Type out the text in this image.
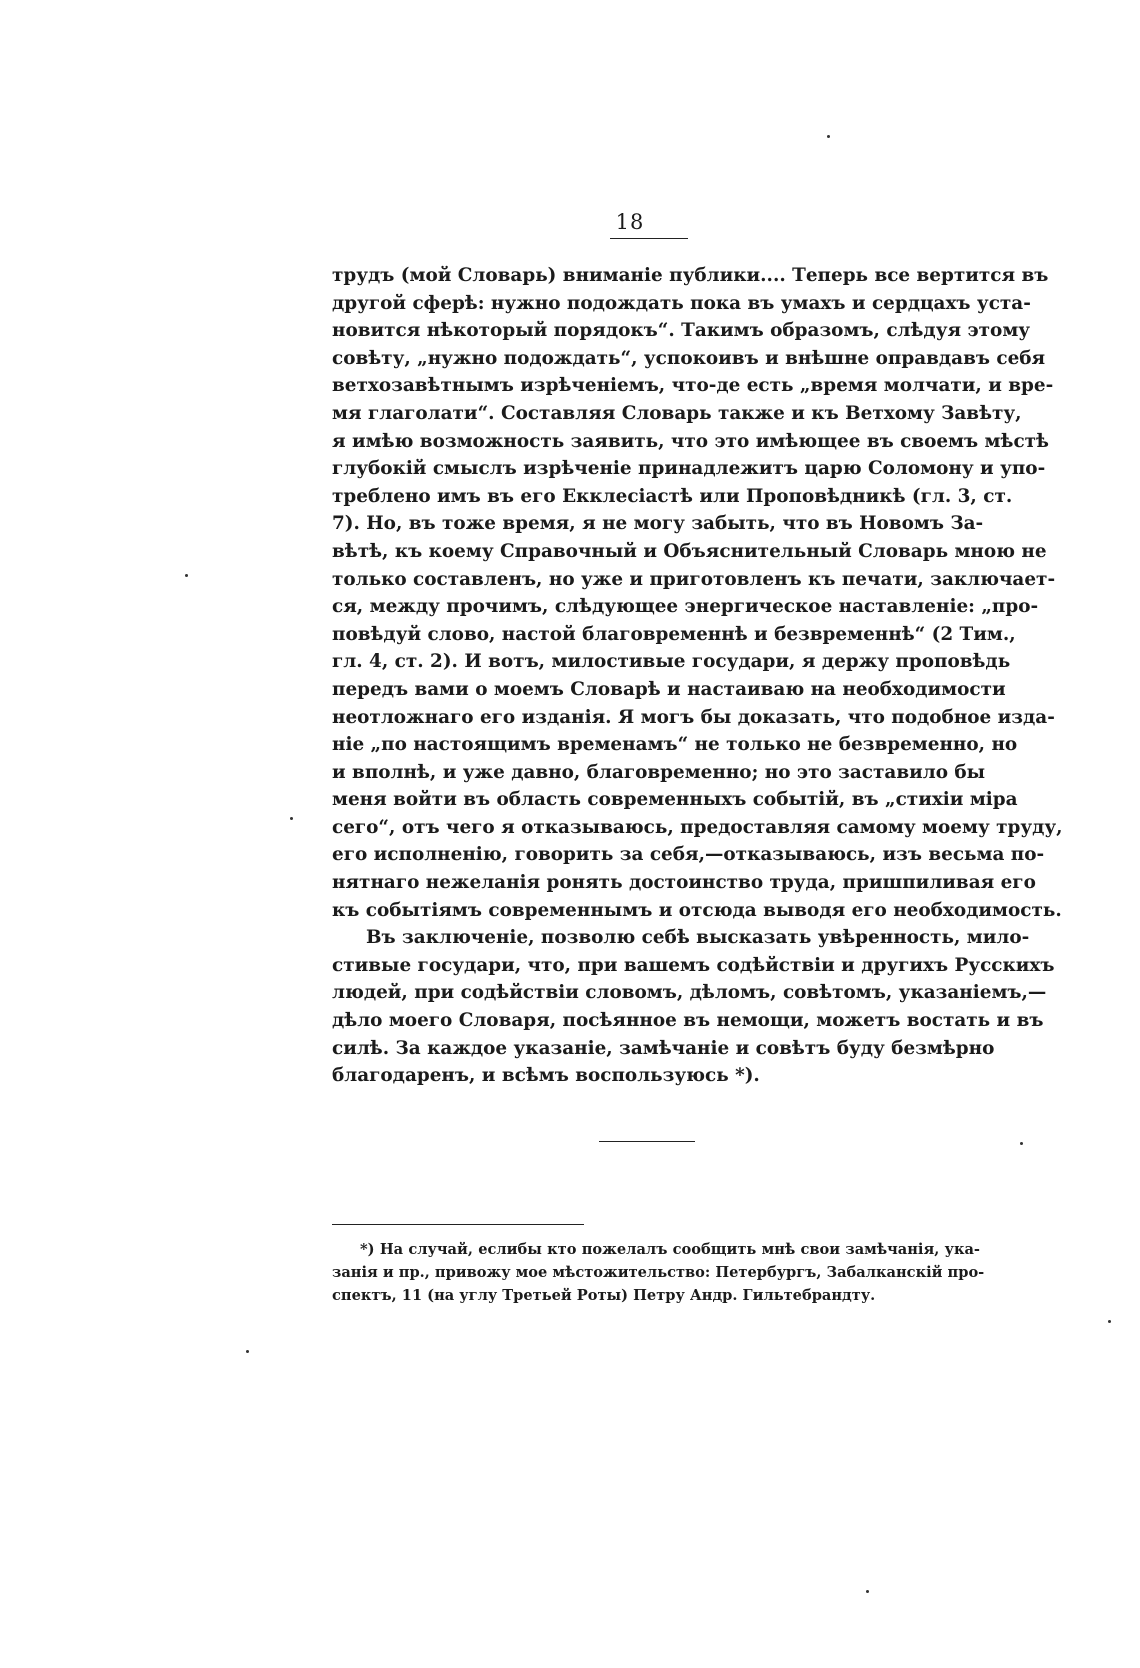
18
трудъ (мой Словарь) вниманіе публики.... Теперь все вертится въ
другой сферѣ: нужно подождать пока въ умахъ и сердцахъ уста-
новится нѣкоторый порядокъ“. Такимъ образомъ, слѣдуя этому
совѣту, „нужно подождать“, успокоивъ и внѣшне оправдавъ себя
ветхозавѣтнымъ изрѣченіемъ, что-де есть „время молчати, и вре-
мя глаголати“. Составляя Словарь также и къ Ветхому Завѣту,
я имѣю возможность заявить, что это имѣющее въ своемъ мѣстѣ
глубокій смыслъ изрѣченіе принадлежитъ царю Соломону и упо-
треблено имъ въ его Екклесіастѣ или Проповѣдникѣ (гл. 3, ст.
7). Но, въ тоже время, я не могу забыть, что въ Новомъ За-
вѣтѣ, къ коему Справочный и Объяснительный Словарь мною не
только составленъ, но уже и приготовленъ къ печати, заключает-
ся, между прочимъ, слѣдующее энергическое наставленіе: „про-
повѣдуй слово, настой благовременнѣ и безвременнѣ“ (2 Тим.,
гл. 4, ст. 2). И вотъ, милостивые государи, я держу проповѣдь
передъ вами о моемъ Словарѣ и настаиваю на необходимости
неотложнаго его изданія. Я могъ бы доказать, что подобное изда-
ніе „по настоящимъ временамъ“ не только не безвременно, но
и вполнѣ, и уже давно, благовременно; но это заставило бы
меня войти въ область современныхъ событій, въ „стихіи міра
сего“, отъ чего я отказываюсь, предоставляя самому моему труду,
его исполненію, говорить за себя,—отказываюсь, изъ весьма по-
нятнаго нежеланія ронять достоинство труда, пришпиливая его
къ событіямъ современнымъ и отсюда выводя его необходимость.
Въ заключеніе, позволю себѣ высказать увѣренность, мило-
стивые государи, что, при вашемъ содѣйствіи и другихъ Русскихъ
людей, при содѣйствіи словомъ, дѣломъ, совѣтомъ, указаніемъ,—
дѣло моего Словаря, посѣянное въ немощи, можетъ востать и въ
силѣ. За каждое указаніе, замѣчаніе и совѣтъ буду безмѣрно
благодаренъ, и всѣмъ воспользуюсь *).
*) На случай, еслибы кто пожелалъ сообщить мнѣ свои замѣчанія, ука-
занія и пр., привожу мое мѣстожительство: Петербургъ, Забалканскій про-
спектъ, 11 (на углу Третьей Роты) Петру Андр. Гильтебрандту.
